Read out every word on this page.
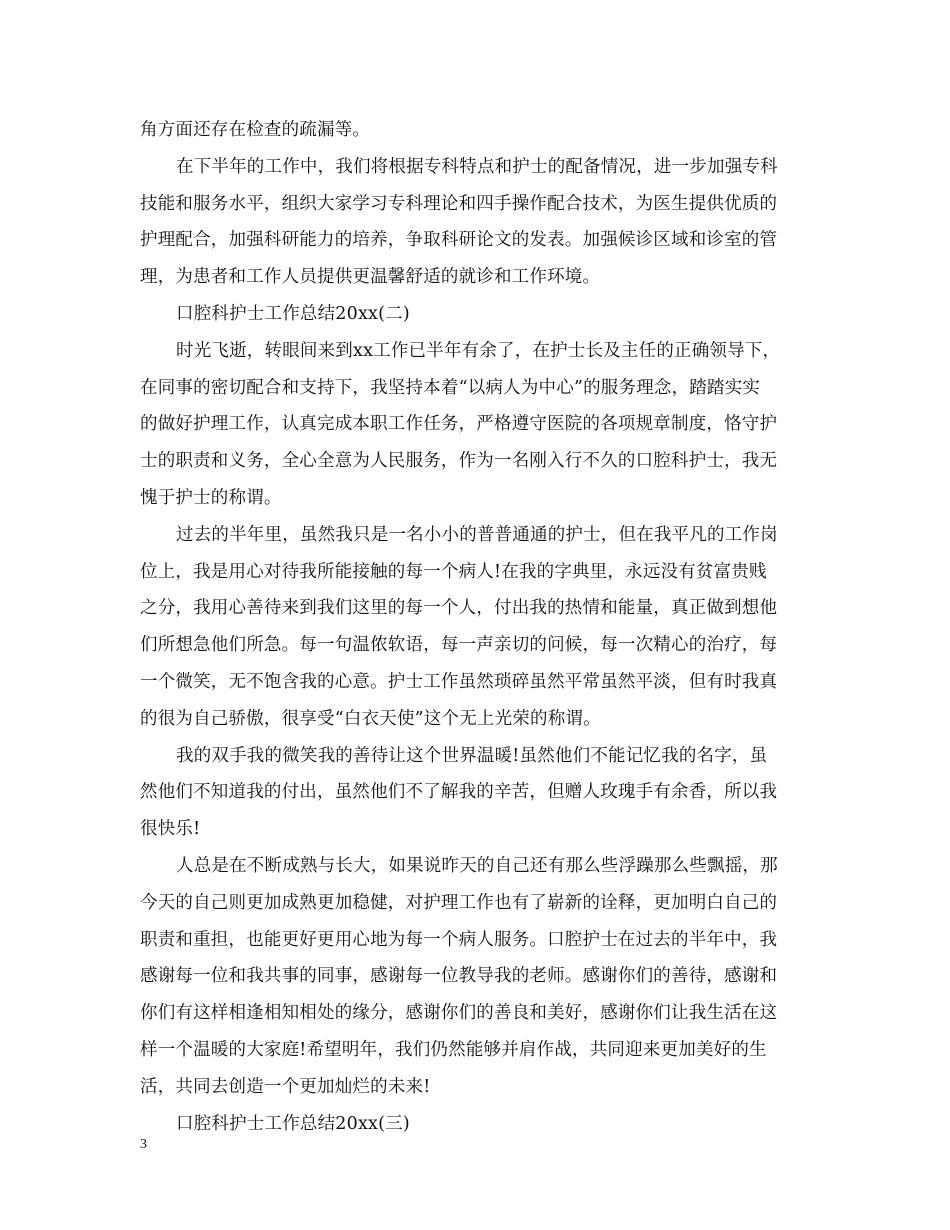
角方面还存在检查的疏漏等。
在下半年的工作中，我们将根据专科特点和护士的配备情况，进一步加强专科
技能和服务水平，组织大家学习专科理论和四手操作配合技术，为医生提供优质的
护理配合，加强科研能力的培养，争取科研论文的发表。加强候诊区域和诊室的管
理，为患者和工作人员提供更温馨舒适的就诊和工作环境。
口腔科护士工作总结20xx(二)
时光飞逝，转眼间来到xx工作已半年有余了，在护士长及主任的正确领导下，
在同事的密切配合和支持下，我坚持本着“以病人为中心”的服务理念，踏踏实实
的做好护理工作，认真完成本职工作任务，严格遵守医院的各项规章制度，恪守护
士的职责和义务，全心全意为人民服务，作为一名刚入行不久的口腔科护士，我无
愧于护士的称谓。
过去的半年里，虽然我只是一名小小的普普通通的护士，但在我平凡的工作岗
位上，我是用心对待我所能接触的每一个病人!在我的字典里，永远没有贫富贵贱
之分，我用心善待来到我们这里的每一个人，付出我的热情和能量，真正做到想他
们所想急他们所急。每一句温侬软语，每一声亲切的问候，每一次精心的治疗，每
一个微笑，无不饱含我的心意。护士工作虽然琐碎虽然平常虽然平淡，但有时我真
的很为自己骄傲，很享受“白衣天使”这个无上光荣的称谓。
我的双手我的微笑我的善待让这个世界温暖!虽然他们不能记忆我的名字，虽
然他们不知道我的付出，虽然他们不了解我的辛苦，但赠人玫瑰手有余香，所以我
很快乐!
人总是在不断成熟与长大，如果说昨天的自己还有那么些浮躁那么些飘摇，那
今天的自己则更加成熟更加稳健，对护理工作也有了崭新的诠释，更加明白自己的
职责和重担，也能更好更用心地为每一个病人服务。口腔护士在过去的半年中，我
感谢每一位和我共事的同事，感谢每一位教导我的老师。感谢你们的善待，感谢和
你们有这样相逢相知相处的缘分，感谢你们的善良和美好，感谢你们让我生活在这
样一个温暖的大家庭!希望明年，我们仍然能够并肩作战，共同迎来更加美好的生
活，共同去创造一个更加灿烂的未来!
口腔科护士工作总结20xx(三)
3
